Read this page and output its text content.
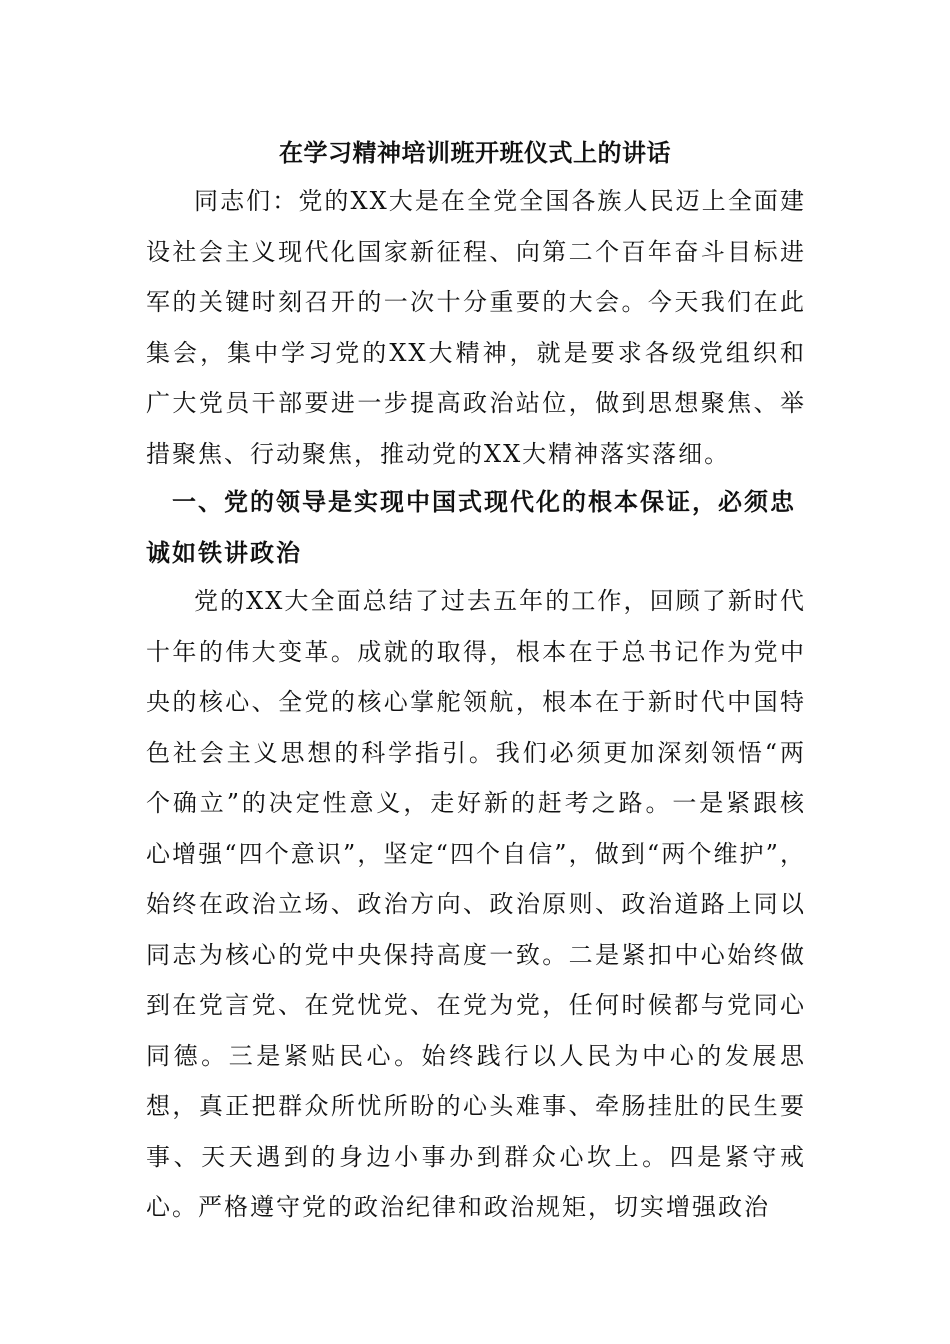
在学习精神培训班开班仪式上的讲话

同志们：党的XX大是在全党全国各族人民迈上全面建设社会主义现代化国家新征程、向第二个百年奋斗目标进军的关键时刻召开的一次十分重要的大会。今天我们在此集会，集中学习党的XX大精神，就是要求各级党组织和广大党员干部要进一步提高政治站位，做到思想聚焦、举措聚焦、行动聚焦，推动党的XX大精神落实落细。

一、党的领导是实现中国式现代化的根本保证，必须忠诚如铁讲政治

党的XX大全面总结了过去五年的工作，回顾了新时代十年的伟大变革。成就的取得，根本在于总书记作为党中央的核心、全党的核心掌舵领航，根本在于新时代中国特色社会主义思想的科学指引。我们必须更加深刻领悟“两个确立”的决定性意义，走好新的赶考之路。一是紧跟核心增强“四个意识”，坚定“四个自信”，做到“两个维护”，始终在政治立场、政治方向、政治原则、政治道路上同以同志为核心的党中央保持高度一致。二是紧扣中心始终做到在党言党、在党忧党、在党为党，任何时候都与党同心同德。三是紧贴民心。始终践行以人民为中心的发展思想，真正把群众所忧所盼的心头难事、牵肠挂肚的民生要事、天天遇到的身边小事办到群众心坎上。四是紧守戒心。严格遵守党的政治纪律和政治规矩，切实增强政治
